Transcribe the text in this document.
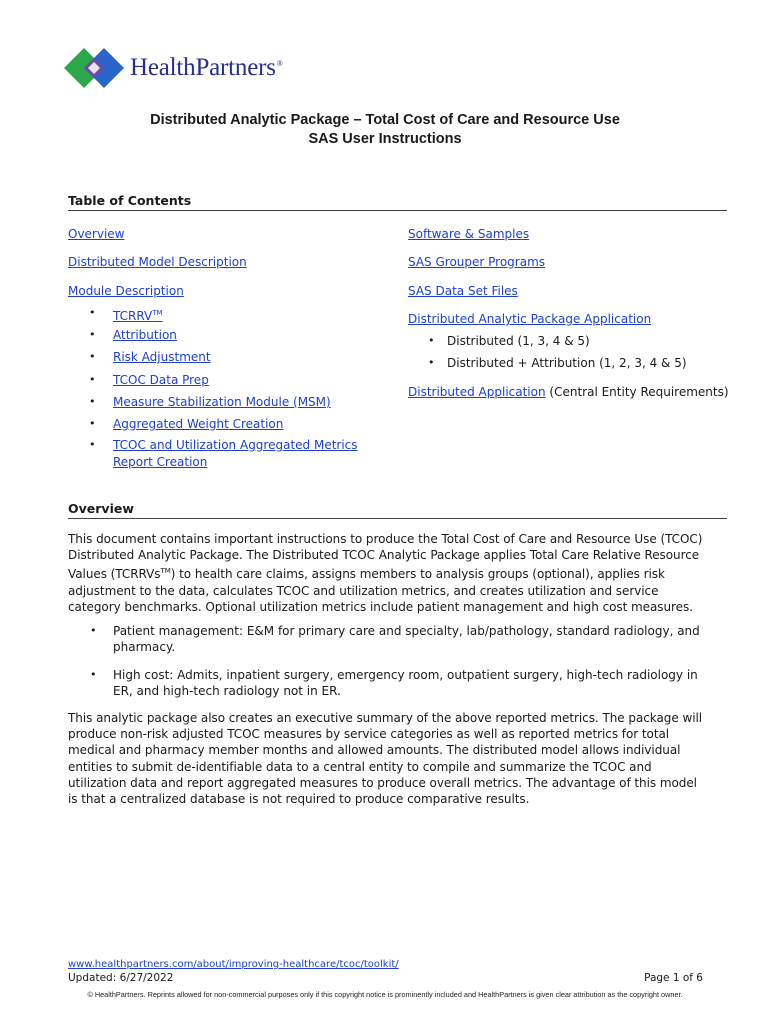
HealthPartners®
Distributed Analytic Package – Total Cost of Care and Resource Use
SAS User Instructions
Table of Contents
Overview
Distributed Model Description
Module Description
• TCRRV™
• Attribution
• Risk Adjustment
• TCOC Data Prep
• Measure Stabilization Module (MSM)
• Aggregated Weight Creation
• TCOC and Utilization Aggregated Metrics
Report Creation
Software & Samples
SAS Grouper Programs
SAS Data Set Files
Distributed Analytic Package Application
• Distributed (1, 3, 4 & 5)
• Distributed + Attribution (1, 2, 3, 4 & 5)
Distributed Application (Central Entity Requirements)
Overview
This document contains important instructions to produce the Total Cost of Care and Resource Use (TCOC) Distributed Analytic Package. The Distributed TCOC Analytic Package applies Total Care Relative Resource Values (TCRRVs™) to health care claims, assigns members to analysis groups (optional), applies risk adjustment to the data, calculates TCOC and utilization metrics, and creates utilization and service category benchmarks. Optional utilization metrics include patient management and high cost measures.
• Patient management: E&M for primary care and specialty, lab/pathology, standard radiology, and pharmacy.
• High cost: Admits, inpatient surgery, emergency room, outpatient surgery, high-tech radiology in ER, and high-tech radiology not in ER.
This analytic package also creates an executive summary of the above reported metrics. The package will produce non-risk adjusted TCOC measures by service categories as well as reported metrics for total medical and pharmacy member months and allowed amounts. The distributed model allows individual entities to submit de-identifiable data to a central entity to compile and summarize the TCOC and utilization data and report aggregated measures to produce overall metrics. The advantage of this model is that a centralized database is not required to produce comparative results.
www.healthpartners.com/about/improving-healthcare/tcoc/toolkit/
Updated: 6/27/2022	Page 1 of 6
© HealthPartners. Reprints allowed for non-commercial purposes only if this copyright notice is prominently included and HealthPartners is given clear attribution as the copyright owner.
